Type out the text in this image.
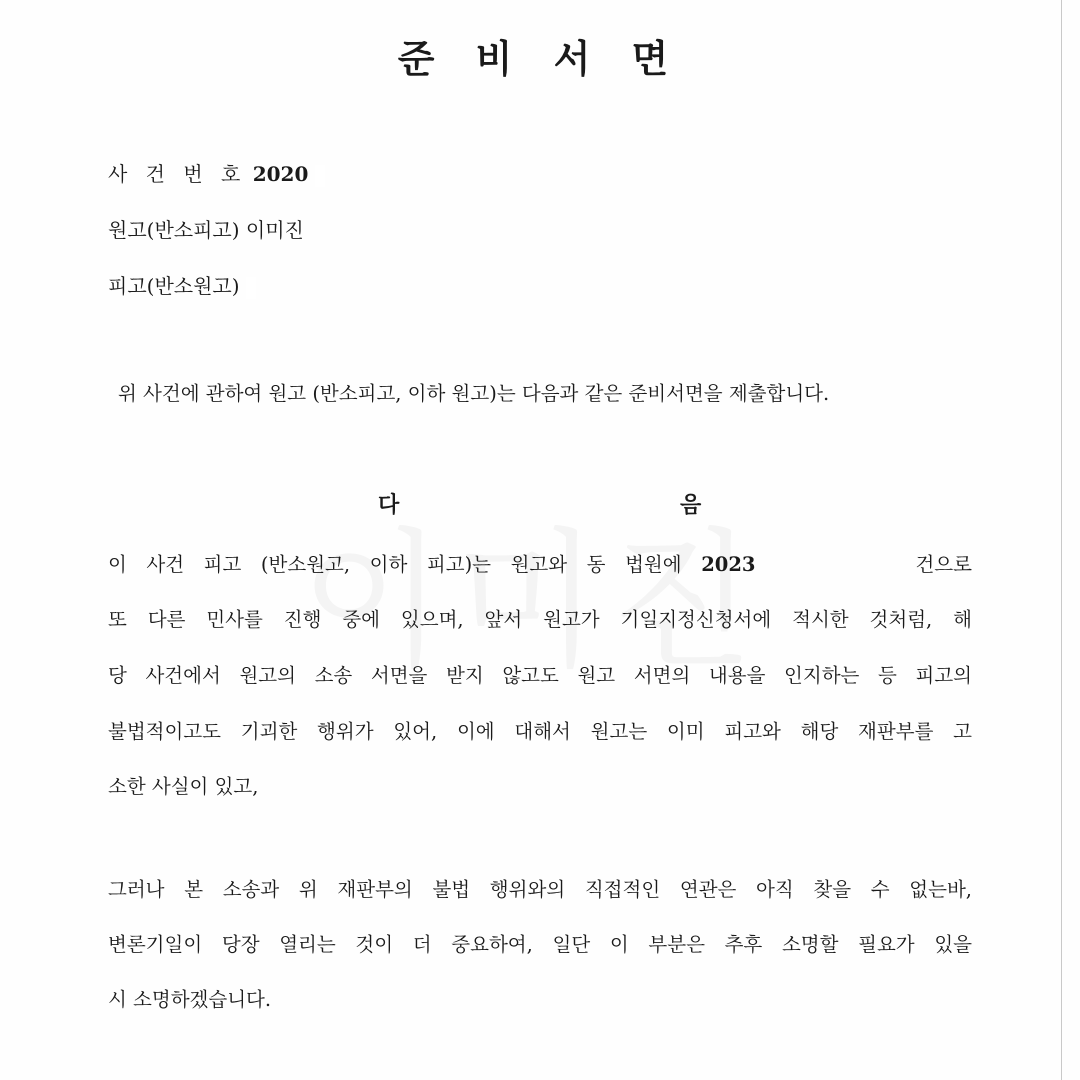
준 비 서 면
사 건 번 호 2020
원고(반소피고) 이미진
피고(반소원고)
위 사건에 관하여 원고 (반소피고, 이하 원고)는 다음과 같은 준비서면을 제출합니다.
다	음
이 사건 피고 (반소원고, 이하 피고)는 원고와 동 법원에 2023	건으로
또 다른 민사를 진행 중에 있으며, 앞서 원고가 기일지정신청서에 적시한 것처럼, 해
당 사건에서 원고의 소송 서면을 받지 않고도 원고 서면의 내용을 인지하는 등 피고의
불법적이고도 기괴한 행위가 있어, 이에 대해서 원고는 이미 피고와 해당 재판부를 고
소한 사실이 있고,
그러나 본 소송과 위 재판부의 불법 행위와의 직접적인 연관은 아직 찾을 수 없는바,
변론기일이 당장 열리는 것이 더 중요하여, 일단 이 부분은 추후 소명할 필요가 있을
시 소명하겠습니다.
